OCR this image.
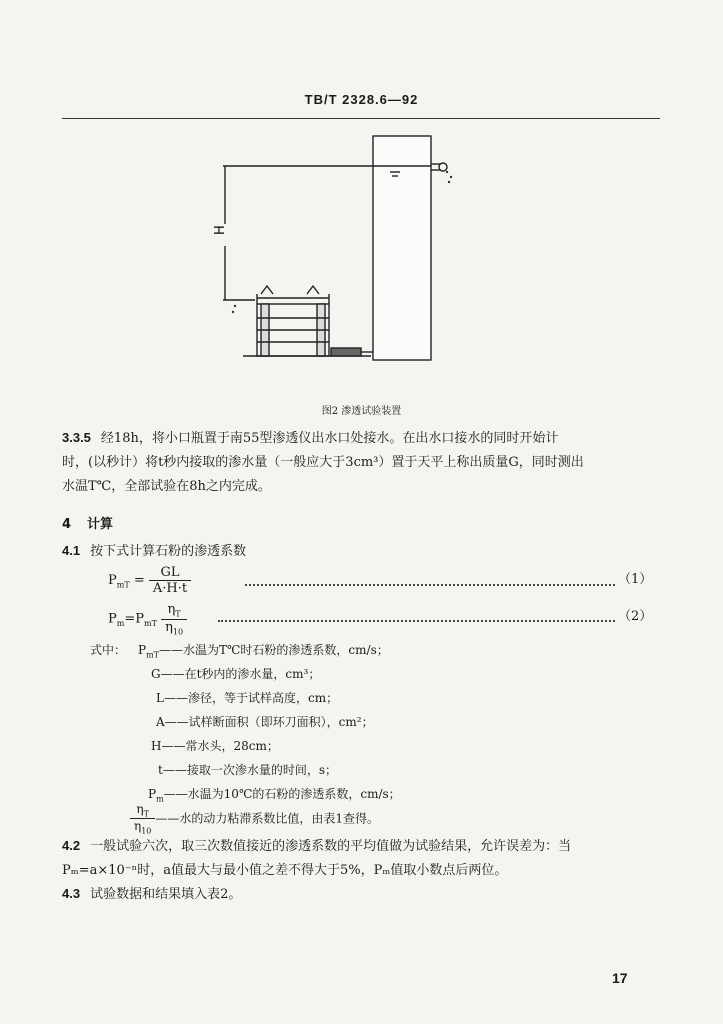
TB/T 2328.6—92
H
图2 渗透试验装置
3.3.5 经18h，将小口瓶置于南55型渗透仪出水口处接水。在出水口接水的同时开始计
时，(以秒计）将t秒内接取的渗水量（一般应大于3cm³）置于天平上称出质量G，同时测出
水温T℃，全部试验在8h之内完成。
4 计算
4.1 按下式计算石粉的渗透系数
$P_{mT} = \frac{GL}{A\cdot H\cdot t}$	（1）
$P_m=P_{mT} \frac{\eta_T}{\eta_{10}}$	（2）
式中： $P_{mT}——$水温为T℃时石粉的渗透系数，cm/s；
G——在t秒内的渗水量，cm³；
L——渗径，等于试样高度，cm；
A——试样断面积（即环刀面积），cm²；
H——常水头，28cm；
t——接取一次渗水量的时间，s；
$P_m——$水温为10℃的石粉的渗透系数，cm/s；
$\frac{\eta_T}{\eta_{10}}$ ——水的动力粘滞系数比值，由表1查得。
4.2 一般试验六次，取三次数值接近的渗透系数的平均值做为试验结果，允许误差为：当
Pₘ=a×10⁻ⁿ时，a值最大与最小值之差不得大于5%，Pₘ值取小数点后两位。
4.3 试验数据和结果填入表2。
17
